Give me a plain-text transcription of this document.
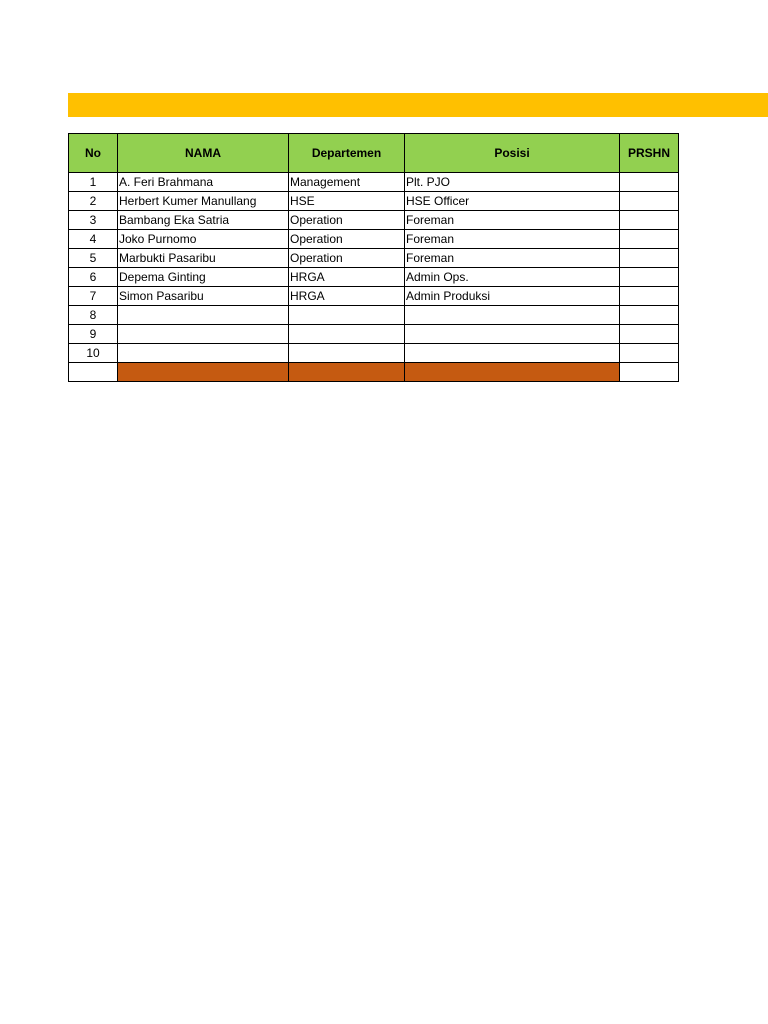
No	NAMA	Departemen	Posisi	PRSHN
1	A. Feri Brahmana	Management	Plt. PJO	
2	Herbert Kumer Manullang	HSE	HSE Officer	
3	Bambang Eka Satria	Operation	Foreman	
4	Joko Purnomo	Operation	Foreman	
5	Marbukti Pasaribu	Operation	Foreman	
6	Depema Ginting	HRGA	Admin Ops.	
7	Simon Pasaribu	HRGA	Admin Produksi	
8				
9				
10				
